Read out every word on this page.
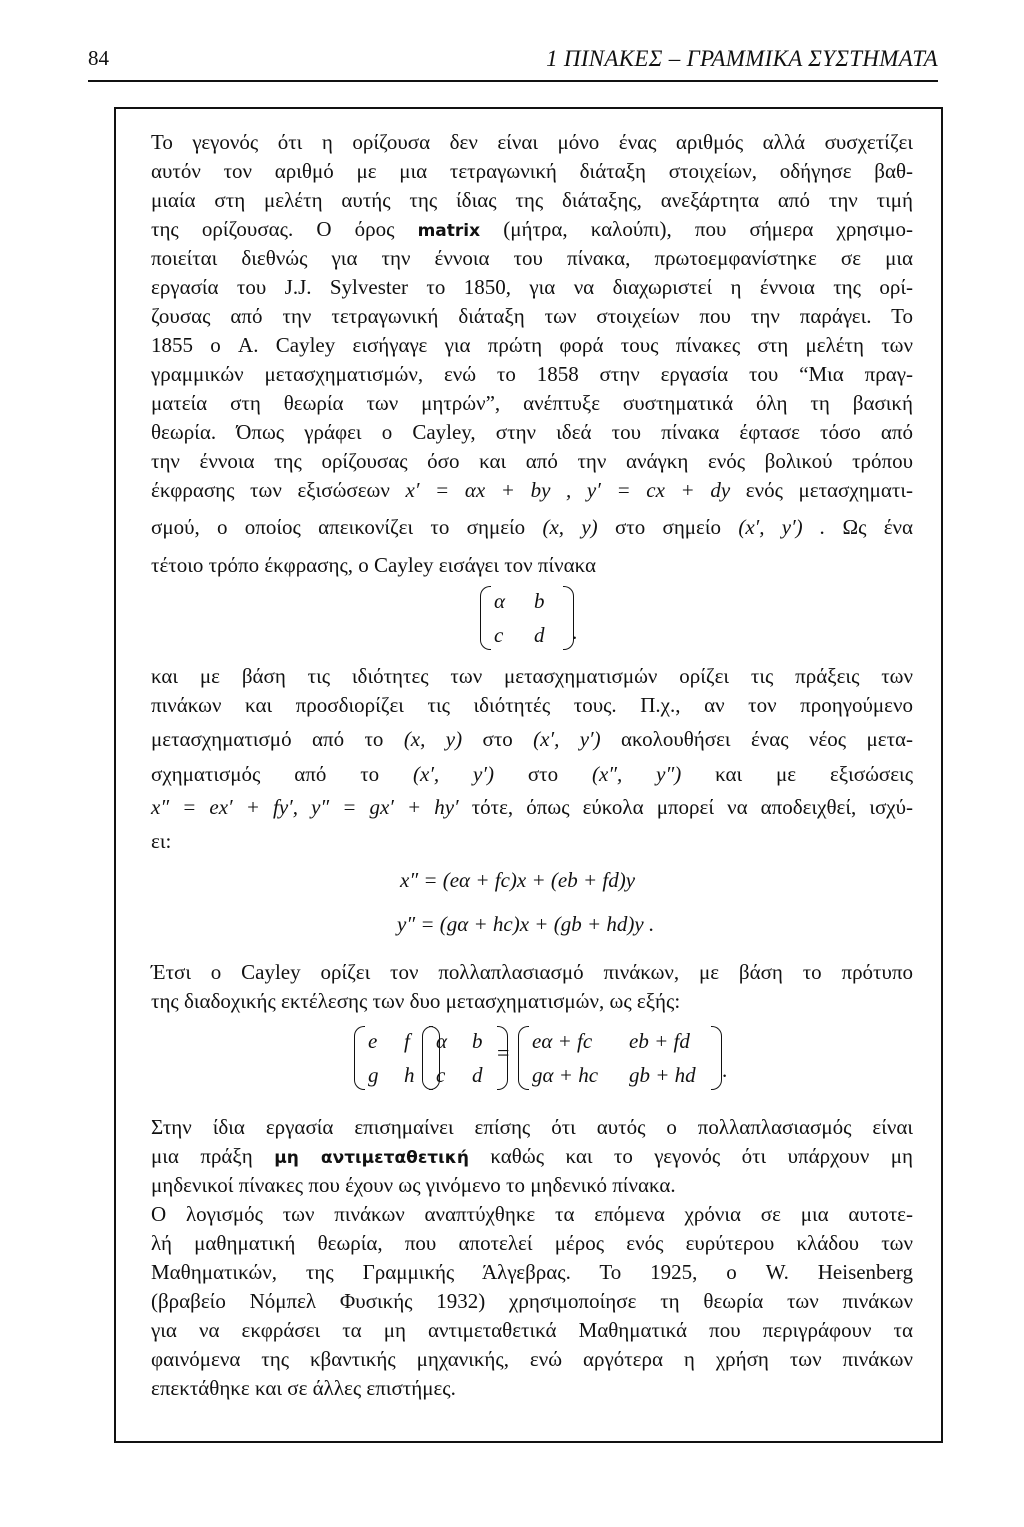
84	1 ΠΙΝΑΚΕΣ – ΓΡΑΜΜΙΚΑ ΣΥΣΤΗΜΑΤΑ
Το γεγονός ότι η ορίζουσα δεν είναι μόνο ένας αριθμός αλλά συσχετίζει
αυτόν τον αριθμό με μια τετραγωνική διάταξη στοιχείων, οδήγησε βαθ-
μιαία στη μελέτη αυτής της ίδιας της διάταξης, ανεξάρτητα από την τιμή
της ορίζουσας. Ο όρος matrix (μήτρα, καλούπι), που σήμερα χρησιμο-
ποιείται διεθνώς για την έννοια του πίνακα, πρωτοεμφανίστηκε σε μια
εργασία του J.J. Sylvester το 1850, για να διαχωριστεί η έννοια της ορί-
ζουσας από την τετραγωνική διάταξη των στοιχείων που την παράγει. Το
1855 ο A. Cayley εισήγαγε για πρώτη φορά τους πίνακες στη μελέτη των
γραμμικών μετασχηματισμών, ενώ το 1858 στην εργασία του “Μια πραγ-
ματεία στη θεωρία των μητρών”, ανέπτυξε συστηματικά όλη τη βασική
θεωρία. Όπως γράφει ο Cayley, στην ιδεά του πίνακα έφτασε τόσο από
την έννοια της ορίζουσας όσο και από την ανάγκη ενός βολικού τρόπου
έκφρασης των εξισώσεων x′ = αx + by , y′ = cx + dy ενός μετασχηματι-
σμού, ο οποίος απεικονίζει το σημείο (x, y) στο σημείο (x′, y′) . Ως ένα
τέτοιο τρόπο έκφρασης, ο Cayley εισάγει τον πίνακα
α	b
c	d	.
και με βάση τις ιδιότητες των μετασχηματισμών ορίζει τις πράξεις των
πινάκων και προσδιορίζει τις ιδιότητές τους. Π.χ., αν τον προηγούμενο
μετασχηματισμό από το (x, y) στο (x′, y′) ακολουθήσει ένας νέος μετα-
σχηματισμός από το (x′, y′) στο (x″, y″) και με εξισώσεις
x″ = ex′ + fy′, y″ = gx′ + hy′ τότε, όπως εύκολα μπορεί να αποδειχθεί, ισχύ-
ει:
x″ = (eα + fc)x + (eb + fd)y
y″ = (gα + hc)x + (gb + hd)y .
Έτσι ο Cayley ορίζει τον πολλαπλασιασμό πινάκων, με βάση το πρότυπο
της διαδοχικής εκτέλεσης των δυο μετασχηματισμών, ως εξής:
e	f
g	h
α	b
c	d
= eα + fc	eb + fd
gα + hc	gb + hd	.
Στην ίδια εργασία επισημαίνει επίσης ότι αυτός ο πολλαπλασιασμός είναι
μια πράξη μη αντιμεταθετική καθώς και το γεγονός ότι υπάρχουν μη
μηδενικοί πίνακες που έχουν ως γινόμενο το μηδενικό πίνακα.
Ο λογισμός των πινάκων αναπτύχθηκε τα επόμενα χρόνια σε μια αυτοτε-
λή μαθηματική θεωρία, που αποτελεί μέρος ενός ευρύτερου κλάδου των
Μαθηματικών, της Γραμμικής Άλγεβρας. Το 1925, ο W. Heisenberg
(βραβείο Νόμπελ Φυσικής 1932) χρησιμοποίησε τη θεωρία των πινάκων
για να εκφράσει τα μη αντιμεταθετικά Μαθηματικά που περιγράφουν τα
φαινόμενα της κβαντικής μηχανικής, ενώ αργότερα η χρήση των πινάκων
επεκτάθηκε και σε άλλες επιστήμες.
